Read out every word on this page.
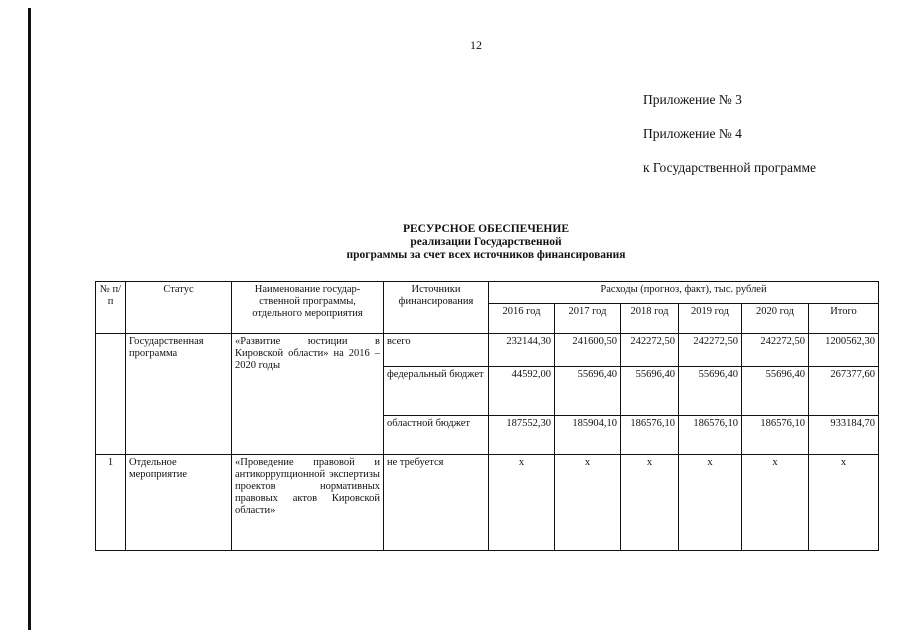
12
Приложение № 3
Приложение № 4
к Государственной программе
РЕСУРСНОЕ ОБЕСПЕЧЕНИЕ
реализации Государственной
программы за счет всех источников финансирования
№ п/п	Статус	Наименование государ- ственной программы, отдельного мероприятия	Источники финансирования	Расходы (прогноз, факт), тыс. рублей					
				2016 год	2017 год	2018 год	2019 год	2020 год	Итого
	Государственная программа	«Развитие юстиции в Кировской области» на 2016 – 2020 годы	всего	232144,30	241600,50	242272,50	242272,50	242272,50	1200562,30
			федеральный бюджет	44592,00	55696,40	55696,40	55696,40	55696,40	267377,60
			областной бюджет	187552,30	185904,10	186576,10	186576,10	186576,10	933184,70
1	Отдельное мероприятие	«Проведение правовой и антикоррупционной экспертизы проектов нормативных правовых актов Кировской области»	не требуется	х	х	х	х	х	х
